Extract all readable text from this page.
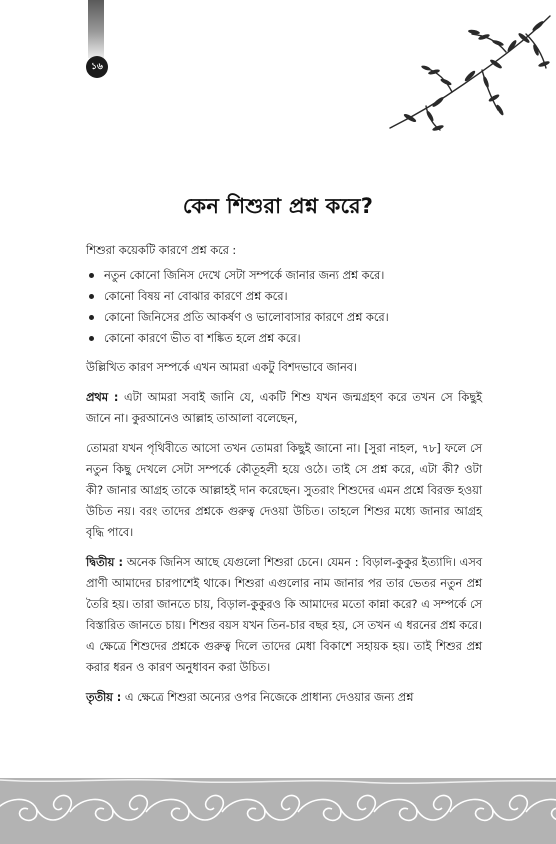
১৬
কেন শিশুরা প্রশ্ন করে?

শিশুরা কয়েকটি কারণে প্রশ্ন করে :

নতুন কোনো জিনিস দেখে সেটা সম্পর্কে জানার জন্য প্রশ্ন করে।
কোনো বিষয় না বোঝার কারণে প্রশ্ন করে।
কোনো জিনিসের প্রতি আকর্ষণ ও ভালোবাসার কারণে প্রশ্ন করে।
কোনো কারণে ভীত বা শঙ্কিত হলে প্রশ্ন করে।

উল্লিখিত কারণ সম্পর্কে এখন আমরা একটু বিশদভাবে জানব।

প্রথম : এটা আমরা সবাই জানি যে, একটি শিশু যখন জন্মগ্রহণ করে তখন সে কিছুই জানে না। কুরআনেও আল্লাহ তাআলা বলেছেন,

তোমরা যখন পৃথিবীতে আসো তখন তোমরা কিছুই জানো না। [সুরা নাহল, ৭৮] ফলে সে নতুন কিছু দেখলে সেটা সম্পর্কে কৌতূহলী হয়ে ওঠে। তাই সে প্রশ্ন করে, এটা কী? ওটা কী? জানার আগ্রহ তাকে আল্লাহই দান করেছেন। সুতরাং শিশুদের এমন প্রশ্নে বিরক্ত হওয়া উচিত নয়। বরং তাদের প্রশ্নকে গুরুত্ব দেওয়া উচিত। তাহলে শিশুর মধ্যে জানার আগ্রহ বৃদ্ধি পাবে।

দ্বিতীয় : অনেক জিনিস আছে যেগুলো শিশুরা চেনে। যেমন : বিড়াল-কুকুর ইত্যাদি। এসব প্রাণী আমাদের চারপাশেই থাকে। শিশুরা এগুলোর নাম জানার পর তার ভেতর নতুন প্রশ্ন তৈরি হয়। তারা জানতে চায়, বিড়াল-কুকুরও কি আমাদের মতো কান্না করে? এ সম্পর্কে সে বিস্তারিত জানতে চায়। শিশুর বয়স যখন তিন-চার বছর হয়, সে তখন এ ধরনের প্রশ্ন করে। এ ক্ষেত্রে শিশুদের প্রশ্নকে গুরুত্ব দিলে তাদের মেধা বিকাশে সহায়ক হয়। তাই শিশুর প্রশ্ন করার ধরন ও কারণ অনুধাবন করা উচিত।

তৃতীয় : এ ক্ষেত্রে শিশুরা অন্যের ওপর নিজেকে প্রাধান্য দেওয়ার জন্য প্রশ্ন
